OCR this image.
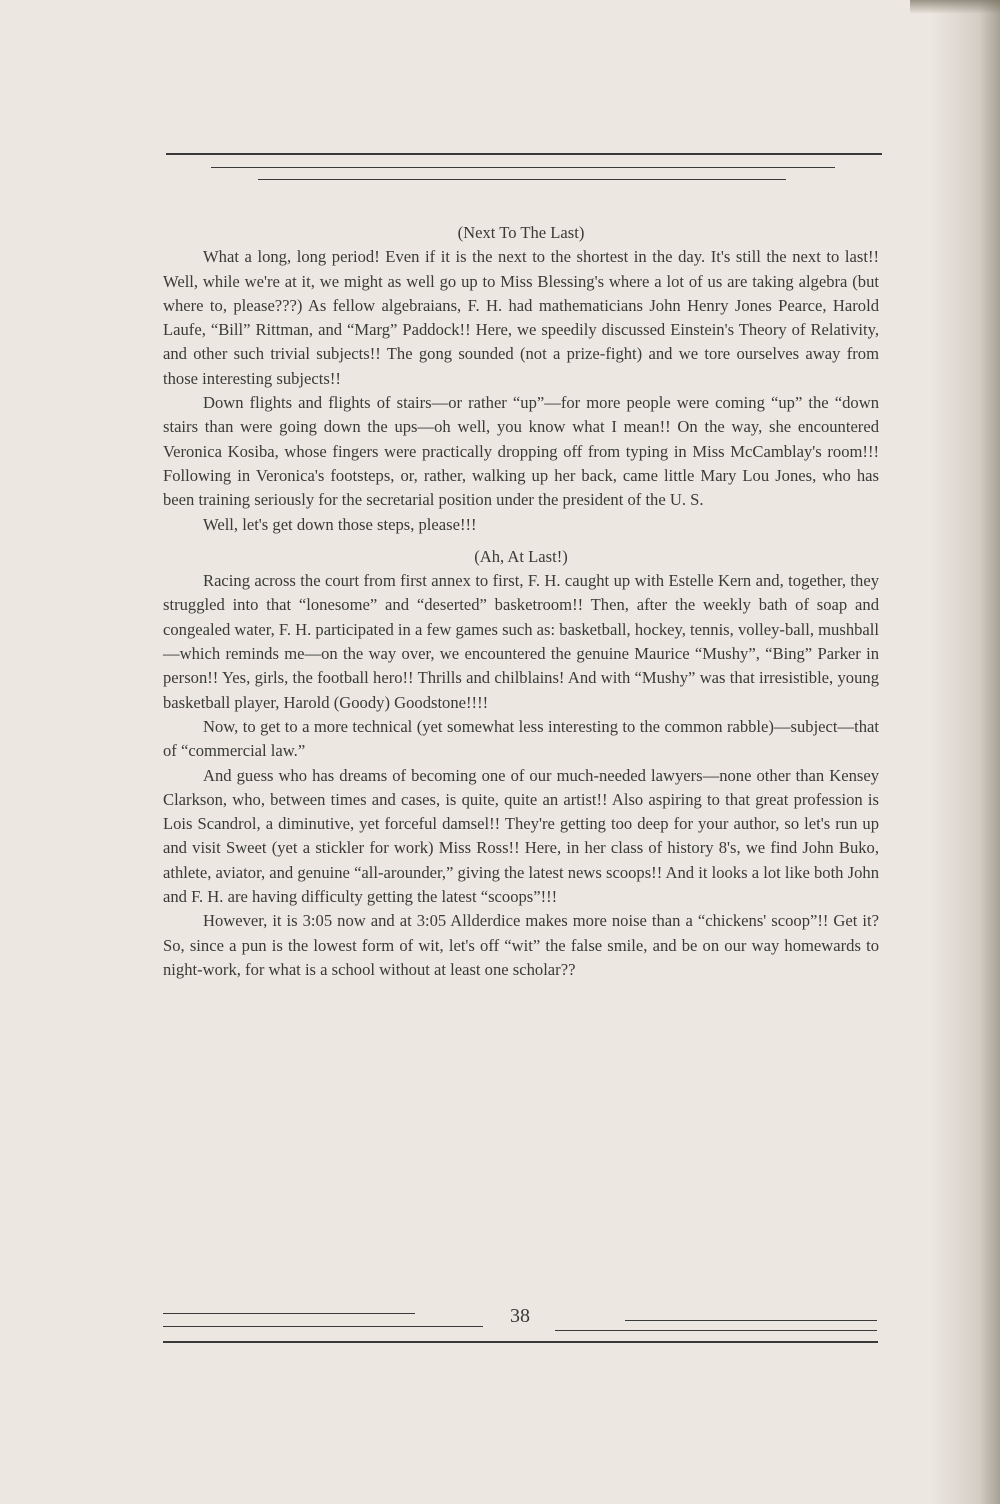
(Next To The Last)

What a long, long period! Even if it is the next to the shortest in the day. It's still the next to last!! Well, while we're at it, we might as well go up to Miss Blessing's where a lot of us are taking algebra (but where to, please???) As fellow algebraians, F. H. had mathematicians John Henry Jones Pearce, Harold Laufe, “Bill” Rittman, and “Marg” Paddock!! Here, we speedily discussed Einstein's Theory of Relativity, and other such trivial subjects!! The gong sounded (not a prize-fight) and we tore ourselves away from those interesting subjects!!

Down flights and flights of stairs—or rather “up”—for more people were coming “up” the “down stairs than were going down the ups—oh well, you know what I mean!! On the way, she encountered Veronica Kosiba, whose fingers were practically dropping off from typing in Miss McCamblay's room!!! Following in Veronica's footsteps, or, rather, walking up her back, came little Mary Lou Jones, who has been training seriously for the secretarial position under the president of the U. S.

Well, let's get down those steps, please!!!

(Ah, At Last!)

Racing across the court from first annex to first, F. H. caught up with Estelle Kern and, together, they struggled into that “lonesome” and “deserted” basketroom!! Then, after the weekly bath of soap and congealed water, F. H. participated in a few games such as: basketball, hockey, tennis, volley-ball, mushball—which reminds me—on the way over, we encountered the genuine Maurice “Mushy”, “Bing” Parker in person!! Yes, girls, the football hero!! Thrills and chilblains! And with “Mushy” was that irresistible, young basketball player, Harold (Goody) Goodstone!!!!

Now, to get to a more technical (yet somewhat less interesting to the common rabble)—subject—that of “commercial law.”

And guess who has dreams of becoming one of our much-needed lawyers—none other than Kensey Clarkson, who, between times and cases, is quite, quite an artist!! Also aspiring to that great profession is Lois Scandrol, a diminutive, yet forceful damsel!! They're getting too deep for your author, so let's run up and visit Sweet (yet a stickler for work) Miss Ross!! Here, in her class of history 8's, we find John Buko, athlete, aviator, and genuine “all-arounder,” giving the latest news scoops!! And it looks a lot like both John and F. H. are having difficulty getting the latest “scoops”!!!

However, it is 3:05 now and at 3:05 Allderdice makes more noise than a “chickens' scoop”!! Get it? So, since a pun is the lowest form of wit, let's off “wit” the false smile, and be on our way homewards to night-work, for what is a school without at least one scholar??

38
